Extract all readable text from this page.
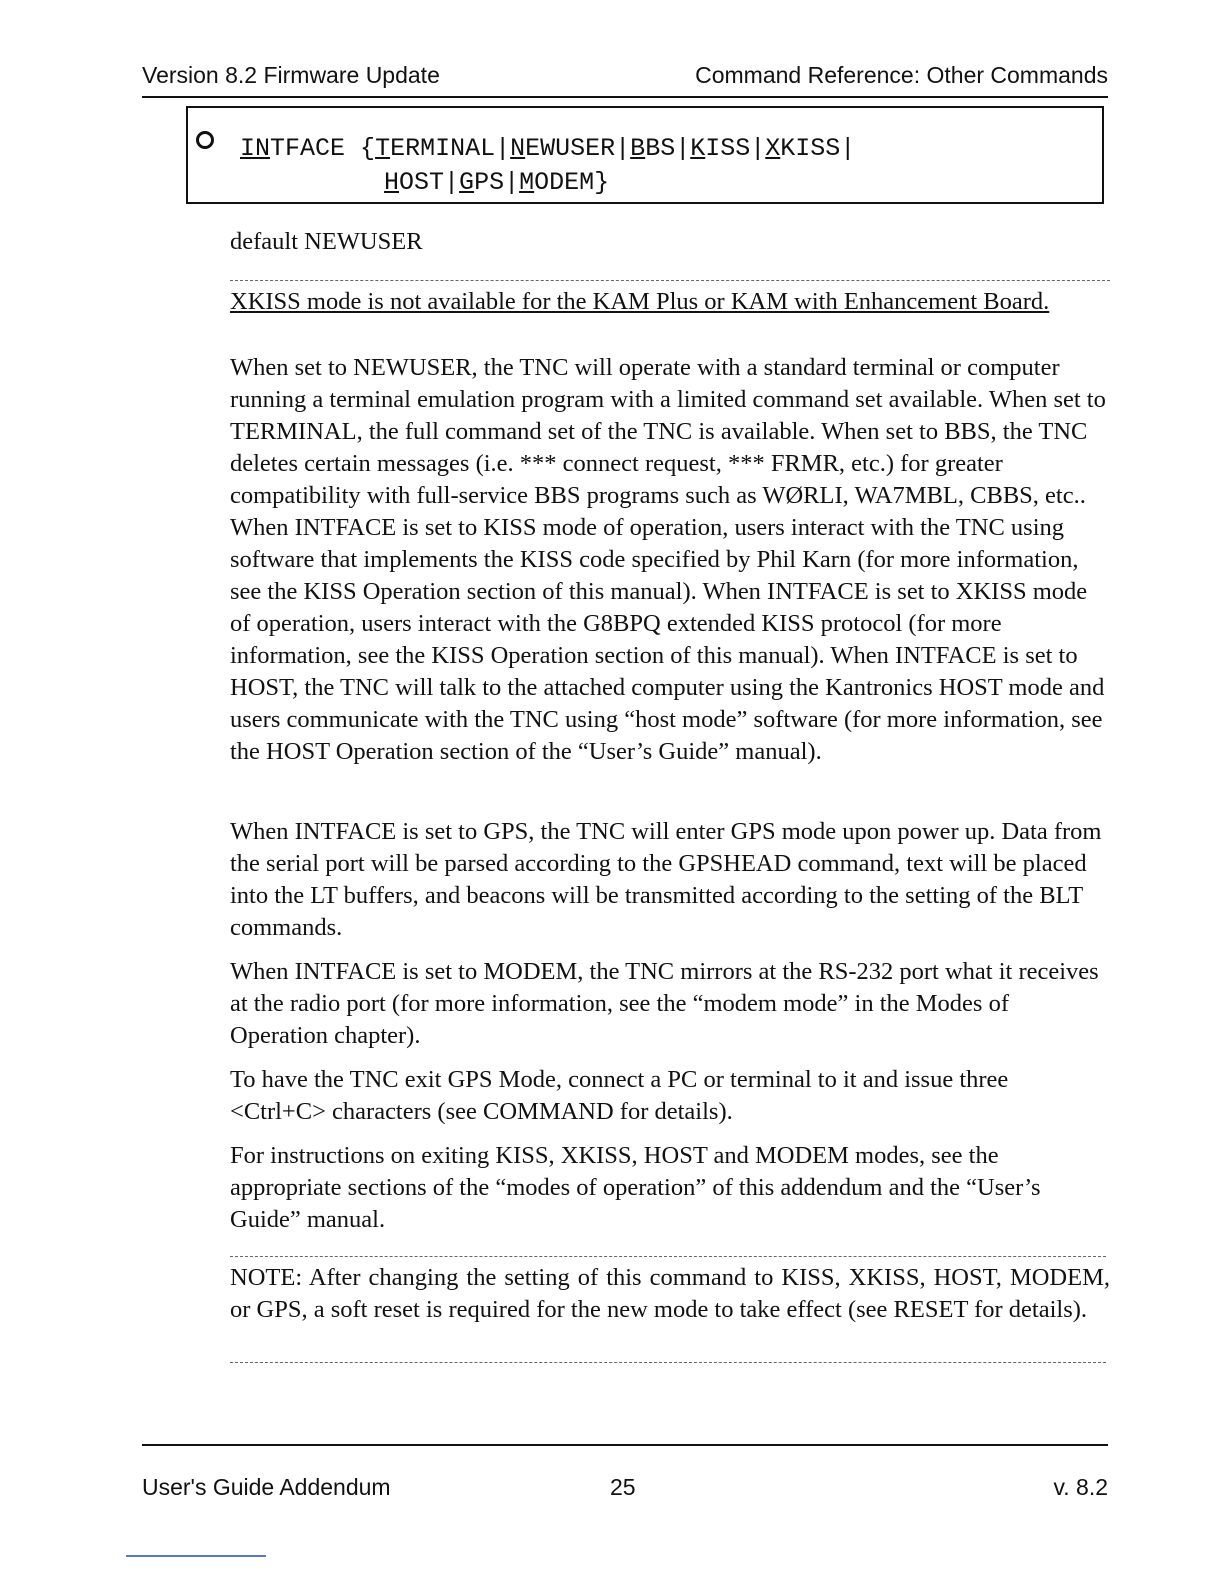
Version 8.2 Firmware Update	Command Reference: Other Commands
INTFACE {TERMINAL|NEWUSER|BBS|KISS|XKISS|
HOST|GPS|MODEM}
default NEWUSER
XKISS mode is not available for the KAM Plus or KAM with Enhancement Board.
When set to NEWUSER, the TNC will operate with a standard terminal or computer running a terminal emulation program with a limited command set available. When set to TERMINAL, the full command set of the TNC is available. When set to BBS, the TNC deletes certain messages (i.e. *** connect request, *** FRMR, etc.) for greater compatibility with full-service BBS programs such as WØRLI, WA7MBL, CBBS, etc.. When INTFACE is set to KISS mode of operation, users interact with the TNC using software that implements the KISS code specified by Phil Karn (for more information, see the KISS Operation section of this manual). When INTFACE is set to XKISS mode of operation, users interact with the G8BPQ extended KISS protocol (for more information, see the KISS Operation section of this manual). When INTFACE is set to HOST, the TNC will talk to the attached computer using the Kantronics HOST mode and users communicate with the TNC using “host mode” software (for more information, see the HOST Operation section of the “User’s Guide” manual).
When INTFACE is set to GPS, the TNC will enter GPS mode upon power up. Data from the serial port will be parsed according to the GPSHEAD command, text will be placed into the LT buffers, and beacons will be transmitted according to the setting of the BLT commands.
When INTFACE is set to MODEM, the TNC mirrors at the RS-232 port what it receives at the radio port (for more information, see the “modem mode” in the Modes of Operation chapter).
To have the TNC exit GPS Mode, connect a PC or terminal to it and issue three <Ctrl+C> characters (see COMMAND for details).
For instructions on exiting KISS, XKISS, HOST and MODEM modes, see the appropriate sections of the “modes of operation” of this addendum and the “User’s Guide” manual.
NOTE: After changing the setting of this command to KISS, XKISS, HOST, MODEM, or GPS, a soft reset is required for the new mode to take effect (see RESET for details).
User's Guide Addendum	25	v. 8.2
